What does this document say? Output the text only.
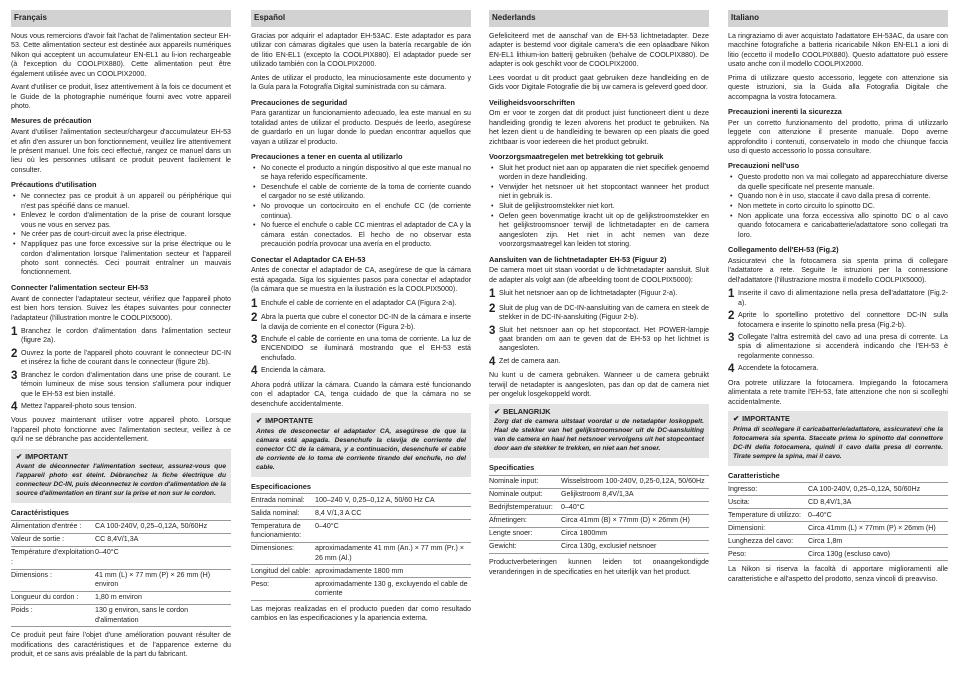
Français

Nous vous remercions d'avoir fait l'achat de l'alimentation secteur EH-53. Cette alimentation secteur est destinée aux appareils numériques Nikon qui acceptent un accumulateur EN-EL1 au li-ion rechargeable (à l'exception du COOLPIX880). Cette alimentation peut être également utilisée avec un COOLPIX2000.

Avant d'utiliser ce produit, lisez attentivement à la fois ce document et le Guide de la photographie numérique fourni avec votre appareil photo.

Mesures de précaution

Avant d'utiliser l'alimentation secteur/chargeur d'accumulateur EH-53 et afin d'en assurer un bon fonctionnement, veuillez lire attentivement le présent manuel. Une fois ceci effectué, rangez ce manuel dans un lieu où les personnes utilisant ce produit peuvent facilement le consulter.

Précautions d'utilisation
• Ne connectez pas ce produit à un appareil ou périphérique qui n'est pas spécifié dans ce manuel.
• Enlevez le cordon d'alimentation de la prise de courant lorsque vous ne vous en servez pas.
• Ne créer pas de court-circuit avec la prise électrique.
• N'appliquez pas une force excessive sur la prise électrique ou le cordon d'alimentation lorsque l'alimentation secteur et l'appareil photo sont connectés. Ceci pourrait entraîner un mauvais fonctionnement.
Connecter l'alimentation secteur EH-53

Avant de connecter l'adaptateur secteur, vérifiez que l'appareil photo est bien hors tension. Suivez les étapes suivantes pour connecter l'adaptateur (l'illustration montre le COOLPIX5000).

1 Branchez le cordon d'alimentation dans l'alimentation secteur (figure 2a).
2 Ouvrez la porte de l'appareil photo couvrant le connecteur DC-IN et insérez la fiche de courant dans le connecteur (figure 2b).
3 Branchez le cordon d'alimentation dans une prise de courant. Le témoin lumineux de mise sous tension s'allumera pour indiquer que le EH-53 est bien installé.
4 Mettez l'appareil-photo sous tension.

Vous pouvez maintenant utiliser votre appareil photo. Lorsque l'appareil photo fonctionne avec l'alimentation secteur, veillez à ce qu'il ne se débranche pas accidentellement.

✔ IMPORTANT
Avant de déconnecter l'alimentation secteur, assurez-vous que l'appareil photo est éteint. Débranchez la fiche électrique du connecteur DC-IN, puis déconnectez le cordon d'alimentation de la source d'alimentation en tirant sur la prise et non sur le cordon.
Caractéristiques
Alimentation d'entrée :	CA 100-240V, 0,25–0,12A, 50/60Hz
Valeur de sortie :	CC 8,4V/1,3A
Température d'exploitation :
0–40°C
Dimensions :	41 mm (L) × 77 mm (P) × 26 mm (H) environ
Longueur du cordon :	1,80 m environ
Poids :	130 g environ, sans le cordon d'alimentation

Ce produit peut faire l'objet d'une amélioration pouvant résulter de modifications des caractéristiques et de l'apparence externe du produit, et ce sans avis préalable de la part du fabricant.

Español

Gracias por adquirir el adaptador EH-53AC. Este adaptador es para utilizar con cámaras digitales que usen la batería recargable de ión de litio EN-EL1 (excepto la COOLPIX880). El adaptador puede ser utilizado también con la COOLPIX2000.

Antes de utilizar el producto, lea minuciosamente este documento y la Guía para la Fotografía Digital suministrada con su cámara.

Precauciones de seguridad

Para garantizar un funcionamiento adecuado, lea este manual en su totalidad antes de utilizar el producto. Después de leerlo, asegúrese de guardarlo en un lugar donde lo puedan encontrar aquellos que vayan a utilizar el producto.

Precauciones a tener en cuenta al utilizarlo
• No conecte el producto a ningún dispositivo al que este manual no se haya referido específicamente.
• Desenchufe el cable de corriente de la toma de corriente cuando el cargador no se esté utilizando.
• No provoque un cortocircuito en el enchufe CC (de corriente continua).
• No fuerce el enchufe o cable CC mientras el adaptador de CA y la cámara están conectados. El hecho de no observar esta precaución podría provocar una avería en el producto.
Conectar el Adaptador CA EH-53

Antes de conectar el adaptador de CA, asegúrese de que la cámara está apagada. Siga los siguientes pasos para conectar el adaptador (la cámara que se muestra en la ilustración es la COOLPIX5000).

1 Enchufe el cable de corriente en el adaptador CA (Figura 2-a).
2 Abra la puerta que cubre el conector DC-IN de la cámara e inserte la clavija de corriente en el conector (Figura 2-b).
3 Enchufe el cable de corriente en una toma de corriente. La luz de ENCENDIDO se iluminará mostrando que el EH-53 está enchufado.
4 Encienda la cámara.

Ahora podrá utilizar la cámara. Cuando la cámara esté funcionando con el adaptador CA, tenga cuidado de que la cámara no se desenchufe accidentalmente.

✔ IMPORTANTE
Antes de desconectar el adaptador CA, asegúrese de que la cámara está apagada. Desenchufe la clavija de corriente del conector CC de la cámara, y a continuación, desenchufe el cable de corriente de lo toma de corriente tirando del enchufe, no del cable.
Especificaciones
Entrada nominal:	100–240 V, 0,25–0,12 A, 50/60 Hz CA
Salida nominal:	8,4 V/1,3 A CC
Temperatura de funcionamiento:
0–40°C
Dimensiones:	aproximadamente 41 mm (An.) × 77 mm (Pr.) × 26 mm (Al.)
Longitud del cable: aproximadamente 1800 mm
Peso:	aproximadamente 130 g, excluyendo el cable de corriente

Las mejoras realizadas en el producto pueden dar como resultado cambios en las especificaciones y la apariencia externa.

Nederlands

Gefeliciteerd met de aanschaf van de EH-53 lichtnetadapter. Deze adapter is bestemd voor digitale camera's die een oplaadbare Nikon EN-EL1 lithium-ion batterij gebruiken (behalve de COOLPIX880). De adapter is ook geschikt voor de COOLPIX2000.

Lees voordat u dit product gaat gebruiken deze handleiding en de Gids voor Digitale Fotografie die bij uw camera is geleverd goed door.

Veiligheidsvoorschriften

Om er voor te zorgen dat dit product juist functioneert dient u deze handleiding grondig te lezen alvorens het product te gebruiken. Na het lezen dient u de handleiding te bewaren op een plaats die goed zichtbaar is voor iedereen die het product gebruikt.

Voorzorgsmaatregelen met betrekking tot gebruik
• Sluit het product niet aan op apparaten die niet specifiek genoemd worden in deze handleiding.
• Verwijder het netsnoer uit het stopcontact wanneer het product niet in gebruik is.
• Sluit de gelijkstroomstekker niet kort.
• Oefen geen bovenmatige kracht uit op de gelijkstroomstekker en het gelijkstroomsnoer terwijl de lichtnetadapter en de camera aangesloten zijn. Het niet in acht nemen van deze voorzorgsmaatregel kan leiden tot storing.
Aansluiten van de lichtnetadapter EH-53 (Figuur 2)

De camera moet uit staan voordat u de lichtnetadapter aansluit. Sluit de adapter als volgt aan (de afbeelding toont de COOLPIX5000):

1 Sluit het netsnoer aan op de lichtnetadapter (Figuur 2-a).
2 Sluit de plug van de DC-IN-aansluiting van de camera en steek de stekker in de DC-IN-aansluiting (Figuur 2-b).
3 Sluit het netsnoer aan op het stopcontact. Het POWER-lampje gaat branden om aan te geven dat de EH-53 op het lichtnet is aangesloten.
4 Zet de camera aan.

Nu kunt u de camera gebruiken. Wanneer u de camera gebruikt terwijl de netadapter is aangesloten, pas dan op dat de camera niet per ongeluk losgekoppeld wordt.

✔ BELANGRIJK
Zorg dat de camera uitstaat voordat u de netadapter loskoppelt. Haal de stekker van het gelijkstroomsnoer uit de DC-aansluiting van de camera en haal het netsnoer vervolgens uit het stopcontact door aan de stekker te trekken, en niet aan het snoer.
Specificaties
Nominale input:	Wisselstroom 100-240V, 0,25-0,12A, 50/60Hz
Nominale output:	Gelijkstroom 8,4V/1,3A
Bedrijfstemperatuur:	0–40°C
Afmetingen:	Circa 41mm (B) × 77mm (D) × 26mm (H)
Lengte snoer:	Circa 1800mm
Gewicht:	Circa 130g, exclusief netsnoer

Productverbeteringen kunnen leiden tot onaangekondigde veranderingen in de specificaties en het uiterlijk van het product.

Italiano

La ringraziamo di aver acquistato l'adattatore EH-53AC, da usare con macchine fotografiche a batteria ricaricabile Nikon EN-EL1 a ioni di litio (eccetto il modello COOLPIX880). Questo adattatore può essere usato anche con il modello COOLPIX2000.

Prima di utilizzare questo accessorio, leggete con attenzione sia queste istruzioni, sia la Guida alla Fotografia Digitale che accompagna la vostra fotocamera.

Precauzioni inerenti la sicurezza

Per un corretto funzionamento del prodotto, prima di utilizzarlo leggete con attenzione il presente manuale. Dopo averne approfondito i contenuti, conservatelo in modo che chiunque faccia uso di questo accessorio lo possa consultare.

Precauzioni nell'uso
• Questo prodotto non va mai collegato ad apparecchiature diverse da quelle specificate nel presente manuale.
• Quando non è in uso, staccate il cavo dalla presa di corrente.
• Non mettete in corto circuito lo spinotto DC.
• Non applicate una forza eccessiva allo spinotto DC o al cavo quando fotocamera e caricabatterie/adattatore sono collegati tra loro.
Collegamento dell'EH-53 (Fig.2)

Assicuratevi che la fotocamera sia spenta prima di collegare l'adattatore a rete. Seguite le istruzioni per la connessione dell'adattatore (l'illustrazione mostra il modello COOLPIX5000).

1 Inserite il cavo di alimentazione nella presa dell'adattatore (Fig.2-a).
2 Aprite lo sportellino protettivo del connettore DC-IN sulla fotocamera e inserite lo spinotto nella presa (Fig.2-b).
3 Collegate l'altra estremità del cavo ad una presa di corrente. La spia di alimentazione si accenderà indicando che l'EH-53 è regolarmente connesso.
4 Accendete la fotocamera.

Ora potrete utilizzare la fotocamera. Impiegando la fotocamera alimentata a rete tramite l'EH-53, fate attenzione che non si scolleghi accidentalmente.

✔ IMPORTANTE
Prima di scollegare il caricabatterie/adattatore, assicuratevi che la fotocamera sia spenta. Staccate prima lo spinotto dal connettore DC-IN della fotocamera, quindi il cavo dalla presa di corrente. Tirate sempre la spina, mai il cavo.
Caratteristiche
Ingresso:	CA 100-240V, 0,25–0,12A, 50/60Hz
Uscita:	CD 8,4V/1,3A
Temperature di utilizzo: 0–40°C
Dimensioni:	Circa 41mm (L) × 77mm (P) × 26mm (H)
Lunghezza del cavo:	Circa 1,8m
Peso:	Circa 130g (escluso cavo)

La Nikon si riserva la facoltà di apportare miglioramenti alle caratteristiche e all'aspetto del prodotto, senza vincoli di preavviso.
